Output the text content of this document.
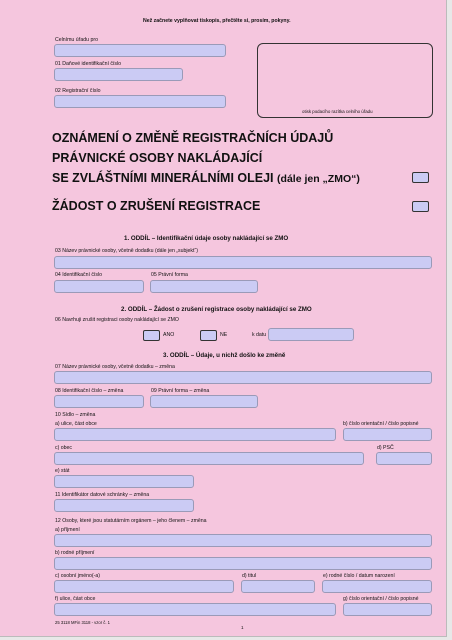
Než začnete vyplňovat tiskopis, přečtěte si, prosím, pokyny.
Celnímu úřadu pro
01 Daňové identifikační číslo
02 Registrační číslo
otisk podacího razítka celního úřadu
OZNÁMENÍ O ZMĚNĚ REGISTRAČNÍCH ÚDAJŮ
PRÁVNICKÉ OSOBY NAKLÁDAJÍCÍ
SE ZVLÁŠTNÍMI MINERÁLNÍMI OLEJI (dále jen „ZMO“)
ŽÁDOST O ZRUŠENÍ REGISTRACE
1. ODDÍL – Identifikační údaje osoby nakládající se ZMO
03 Název právnické osoby, včetně dodatku (dále jen „subjekt“)
04 Identifikační číslo	05 Právní forma
2. ODDÍL – Žádost o zrušení registrace osoby nakládající se ZMO
06 Navrhuji zrušit registraci osoby nakládající se ZMO
ANO	NE	k datu
3. ODDÍL – Údaje, u nichž došlo ke změně
07 Název právnické osoby, včetně dodatku – změna
08 Identifikační číslo – změna	09 Právní forma – změna
10 Sídlo – změna
a) ulice, část obce	b) číslo orientační / číslo popisné
c) obec	d) PSČ
e) stát
11 Identifikátor datové schránky – změna
12 Osoby, které jsou statutárním orgánem – jeho členem – změna
a) příjmení
b) rodné příjmení
c) osobní jméno(-a)	d) titul	e) rodné číslo / datum narození
f) ulice, část obce	g) číslo orientační / číslo popisné
25 3118 MFin 3118 - vzor č. 1
1
